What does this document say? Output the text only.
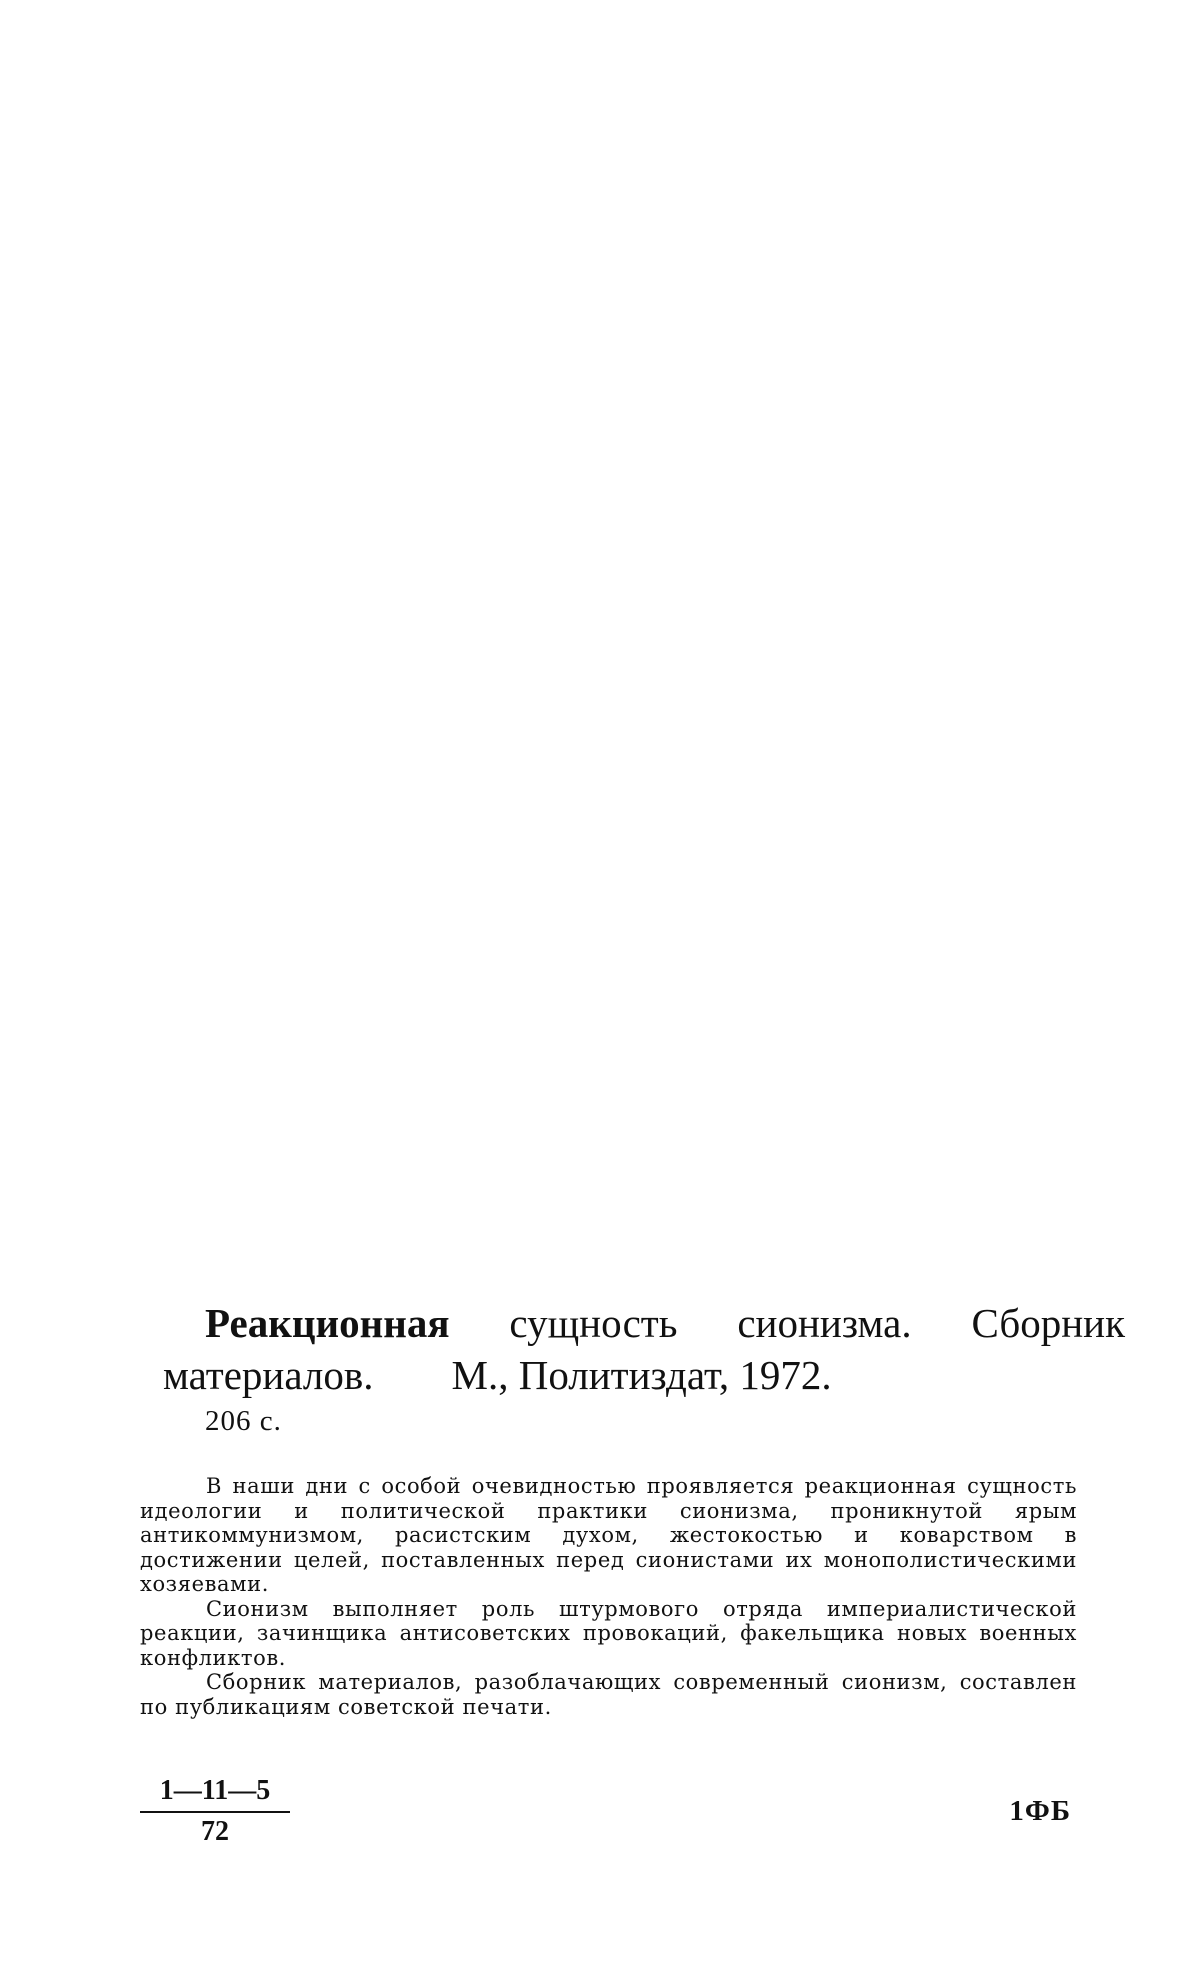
Реакционная сущность сионизма. Сборник
материалов. М., Политиздат, 1972.
206 с.

В наши дни с особой очевидностью проявляется реакционная сущность идеологии и политической практики сионизма, проникнутой ярым антикоммунизмом, расистским духом, жестокостью и коварством в достижении целей, поставленных перед сионистами их монополистическими хозяевами.

Сионизм выполняет роль штурмового отряда империалистической реакции, зачинщика антисоветских провокаций, факельщика новых военных конфликтов.

Сборник материалов, разоблачающих современный сионизм, составлен по публикациям советской печати.

$\frac{1—11—5}{72}$	1ФБ
